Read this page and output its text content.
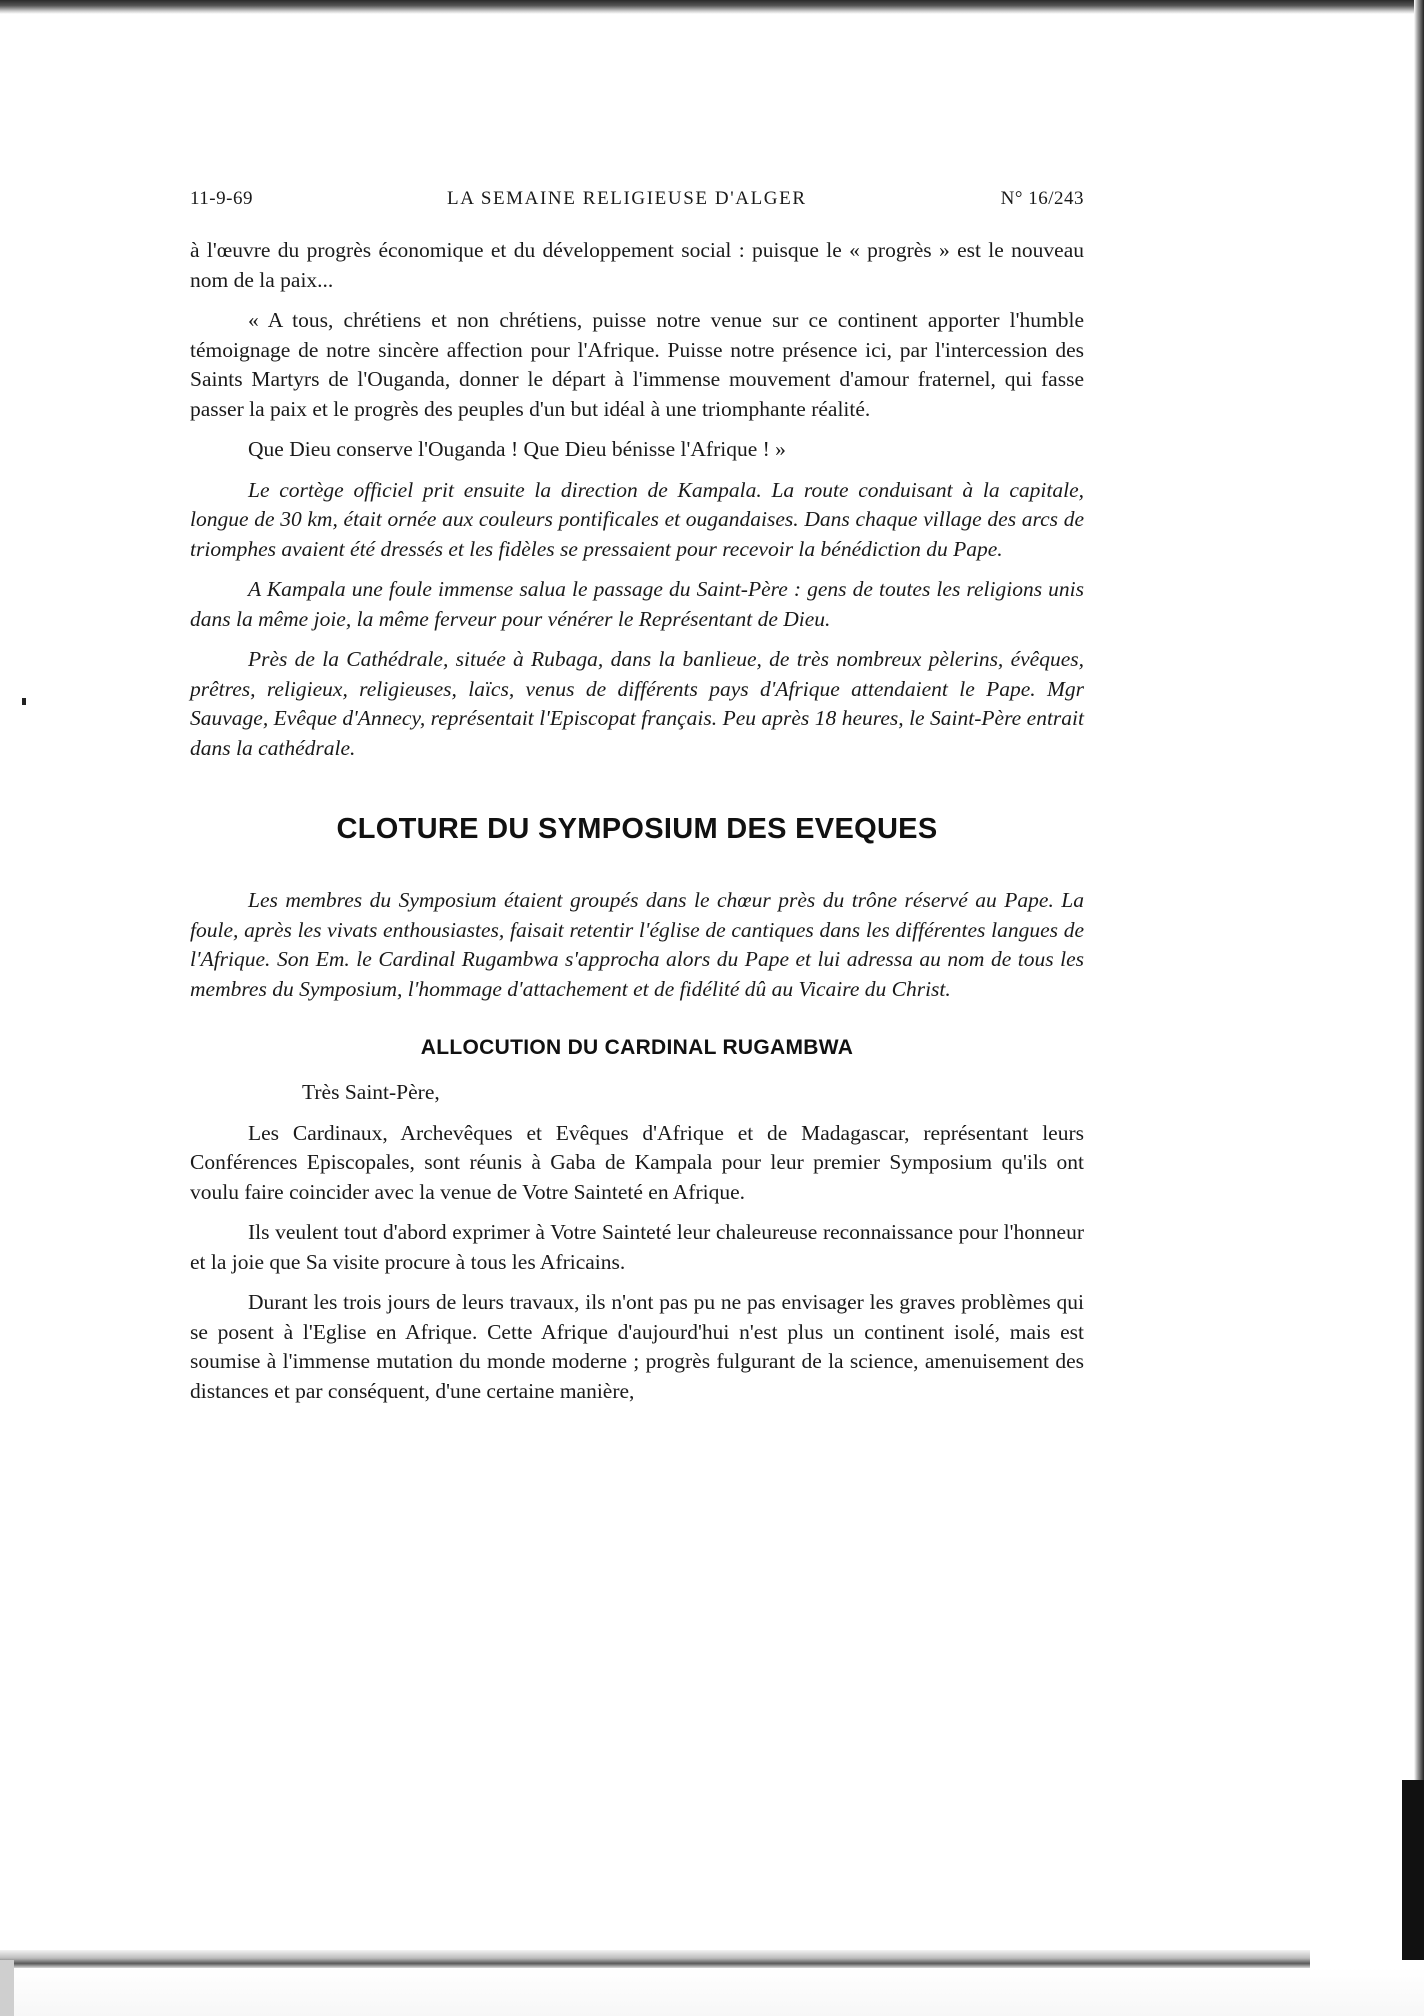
11-9-69	LA SEMAINE RELIGIEUSE D'ALGER	N° 16/243

à l'œuvre du progrès économique et du développement social : puisque le « progrès » est le nouveau nom de la paix...

« A tous, chrétiens et non chrétiens, puisse notre venue sur ce continent apporter l'humble témoignage de notre sincère affection pour l'Afrique. Puisse notre présence ici, par l'intercession des Saints Martyrs de l'Ouganda, donner le départ à l'immense mouvement d'amour fraternel, qui fasse passer la paix et le progrès des peuples d'un but idéal à une triomphante réalité.

Que Dieu conserve l'Ouganda ! Que Dieu bénisse l'Afrique ! »

Le cortège officiel prit ensuite la direction de Kampala. La route conduisant à la capitale, longue de 30 km, était ornée aux couleurs pontificales et ougandaises. Dans chaque village des arcs de triomphes avaient été dressés et les fidèles se pressaient pour recevoir la bénédiction du Pape.

A Kampala une foule immense salua le passage du Saint-Père : gens de toutes les religions unis dans la même joie, la même ferveur pour vénérer le Représentant de Dieu.

Près de la Cathédrale, située à Rubaga, dans la banlieue, de très nombreux pèlerins, évêques, prêtres, religieux, religieuses, laïcs, venus de différents pays d'Afrique attendaient le Pape. Mgr Sauvage, Evêque d'Annecy, représentait l'Episcopat français. Peu après 18 heures, le Saint-Père entrait dans la cathédrale.

CLOTURE DU SYMPOSIUM DES EVEQUES

Les membres du Symposium étaient groupés dans le chœur près du trône réservé au Pape. La foule, après les vivats enthousiastes, faisait retentir l'église de cantiques dans les différentes langues de l'Afrique. Son Em. le Cardinal Rugambwa s'approcha alors du Pape et lui adressa au nom de tous les membres du Symposium, l'hommage d'attachement et de fidélité dû au Vicaire du Christ.

ALLOCUTION DU CARDINAL RUGAMBWA

Très Saint-Père,

Les Cardinaux, Archevêques et Evêques d'Afrique et de Madagascar, représentant leurs Conférences Episcopales, sont réunis à Gaba de Kampala pour leur premier Symposium qu'ils ont voulu faire coincider avec la venue de Votre Sainteté en Afrique.

Ils veulent tout d'abord exprimer à Votre Sainteté leur chaleureuse reconnaissance pour l'honneur et la joie que Sa visite procure à tous les Africains.

Durant les trois jours de leurs travaux, ils n'ont pas pu ne pas envisager les graves problèmes qui se posent à l'Eglise en Afrique. Cette Afrique d'aujourd'hui n'est plus un continent isolé, mais est soumise à l'immense mutation du monde moderne ; progrès fulgurant de la science, amenuisement des distances et par conséquent, d'une certaine manière,
